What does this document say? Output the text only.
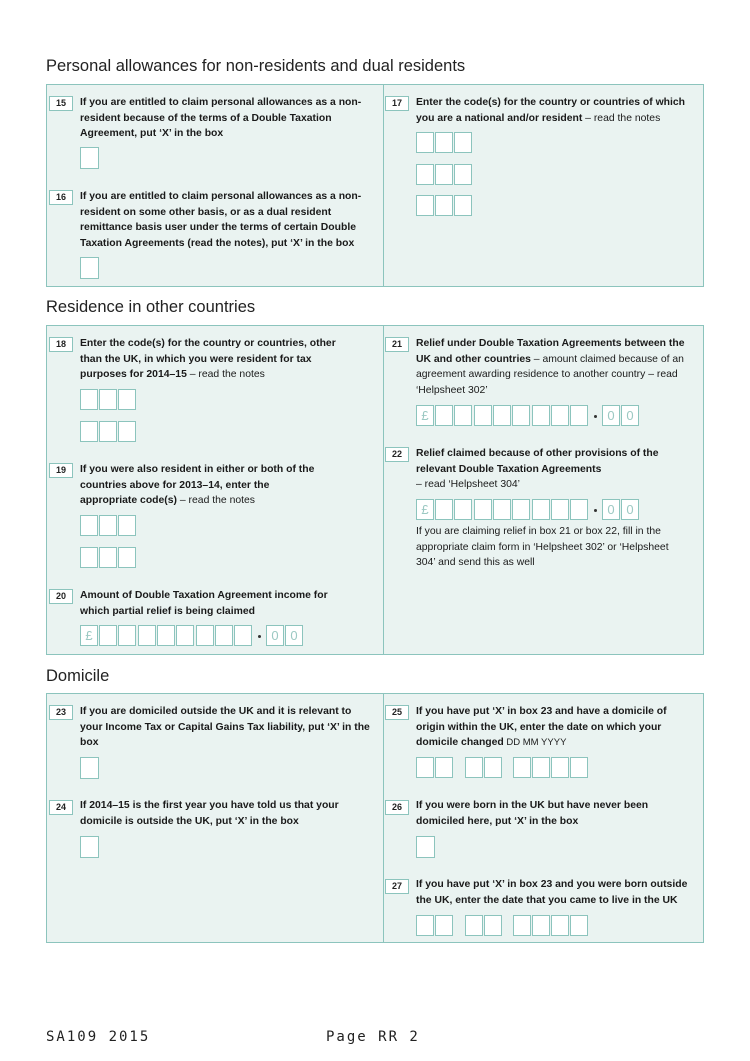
Personal allowances for non-residents and dual residents
15	If you are entitled to claim personal allowances as a non-resident because of the terms of a Double Taxation Agreement, put ‘X’ in the box
16	If you are entitled to claim personal allowances as a non-resident on some other basis, or as a dual resident remittance basis user under the terms of certain Double Taxation Agreements (read the notes), put ‘X’ in the box
17	Enter the code(s) for the country or countries of which you are a national and/or resident – read the notes
Residence in other countries
18	Enter the code(s) for the country or countries, other than the UK, in which you were resident for tax purposes for 2014–15 – read the notes
19	If you were also resident in either or both of the countries above for 2013–14, enter the appropriate code(s) – read the notes
20	Amount of Double Taxation Agreement income for which partial relief is being claimed
£	0 0
21	Relief under Double Taxation Agreements between the UK and other countries – amount claimed because of an agreement awarding residence to another country – read ‘Helpsheet 302’
£	0 0
22	Relief claimed because of other provisions of the relevant Double Taxation Agreements
– read ‘Helpsheet 304’
£	0 0
If you are claiming relief in box 21 or box 22, fill in the appropriate claim form in ‘Helpsheet 302’ or ‘Helpsheet 304’ and send this as well
Domicile
23	If you are domiciled outside the UK and it is relevant to your Income Tax or Capital Gains Tax liability, put ‘X’ in the box
24	If 2014–15 is the first year you have told us that your domicile is outside the UK, put ‘X’ in the box
25	If you have put ‘X’ in box 23 and have a domicile of origin within the UK, enter the date on which your domicile changed DD MM YYYY
26	If you were born in the UK but have never been domiciled here, put ‘X’ in the box
27	If you have put ‘X’ in box 23 and you were born outside the UK, enter the date that you came to live in the UK
SA109 2015	Page RR 2
